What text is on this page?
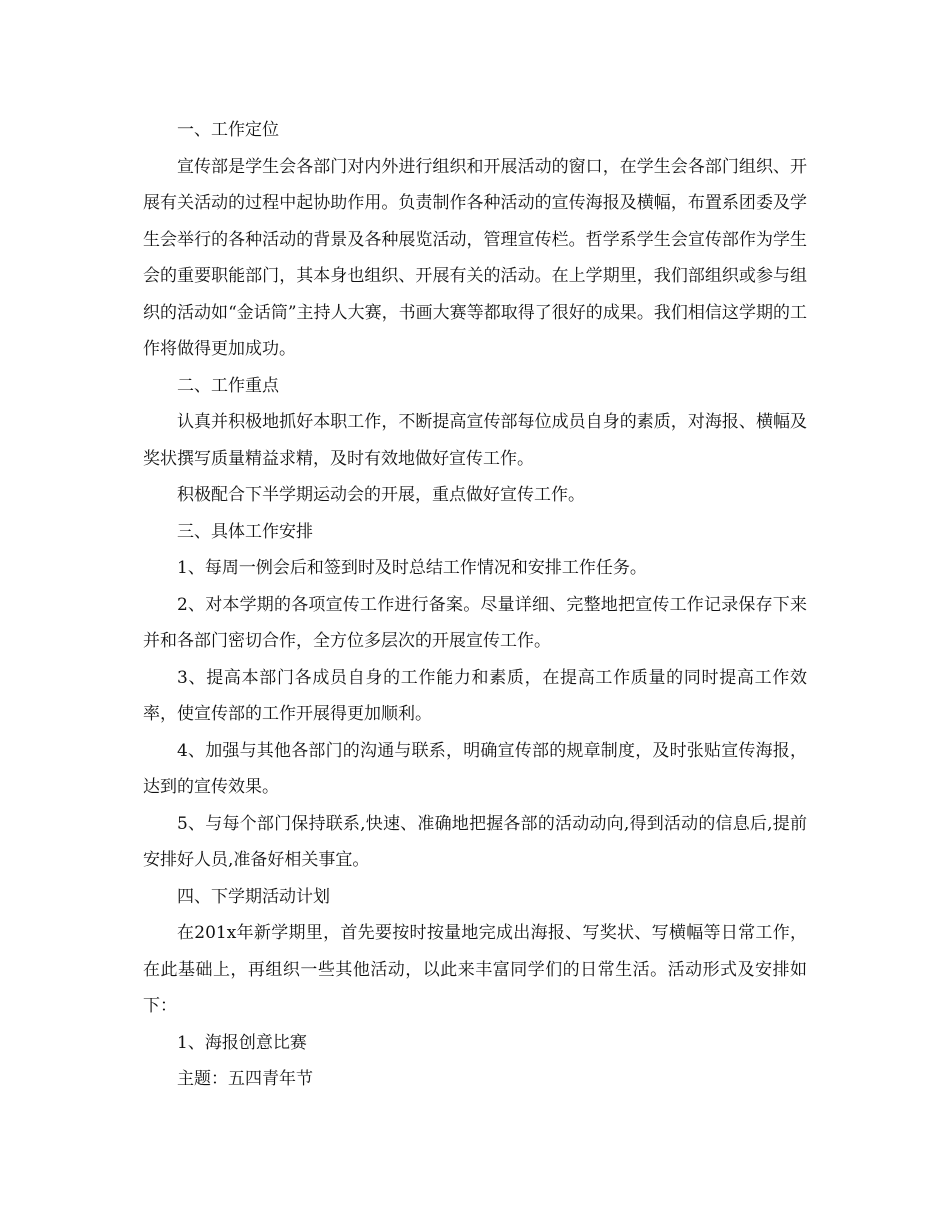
一、工作定位

宣传部是学生会各部门对内外进行组织和开展活动的窗口，在学生会各部门组织、开展有关活动的过程中起协助作用。负责制作各种活动的宣传海报及横幅，布置系团委及学生会举行的各种活动的背景及各种展览活动，管理宣传栏。哲学系学生会宣传部作为学生会的重要职能部门，其本身也组织、开展有关的活动。在上学期里，我们部组织或参与组织的活动如“金话筒”主持人大赛，书画大赛等都取得了很好的成果。我们相信这学期的工作将做得更加成功。

二、工作重点

认真并积极地抓好本职工作，不断提高宣传部每位成员自身的素质，对海报、横幅及奖状撰写质量精益求精，及时有效地做好宣传工作。

积极配合下半学期运动会的开展，重点做好宣传工作。

三、具体工作安排

1、每周一例会后和签到时及时总结工作情况和安排工作任务。

2、对本学期的各项宣传工作进行备案。尽量详细、完整地把宣传工作记录保存下来并和各部门密切合作，全方位多层次的开展宣传工作。

3、提高本部门各成员自身的工作能力和素质，在提高工作质量的同时提高工作效率，使宣传部的工作开展得更加顺利。

4、加强与其他各部门的沟通与联系，明确宣传部的规章制度，及时张贴宣传海报，达到的宣传效果。

5、与每个部门保持联系,快速、准确地把握各部的活动动向,得到活动的信息后,提前安排好人员,准备好相关事宜。

四、下学期活动计划

在201x年新学期里，首先要按时按量地完成出海报、写奖状、写横幅等日常工作，在此基础上，再组织一些其他活动，以此来丰富同学们的日常生活。活动形式及安排如下：

1、海报创意比赛

主题：五四青年节
